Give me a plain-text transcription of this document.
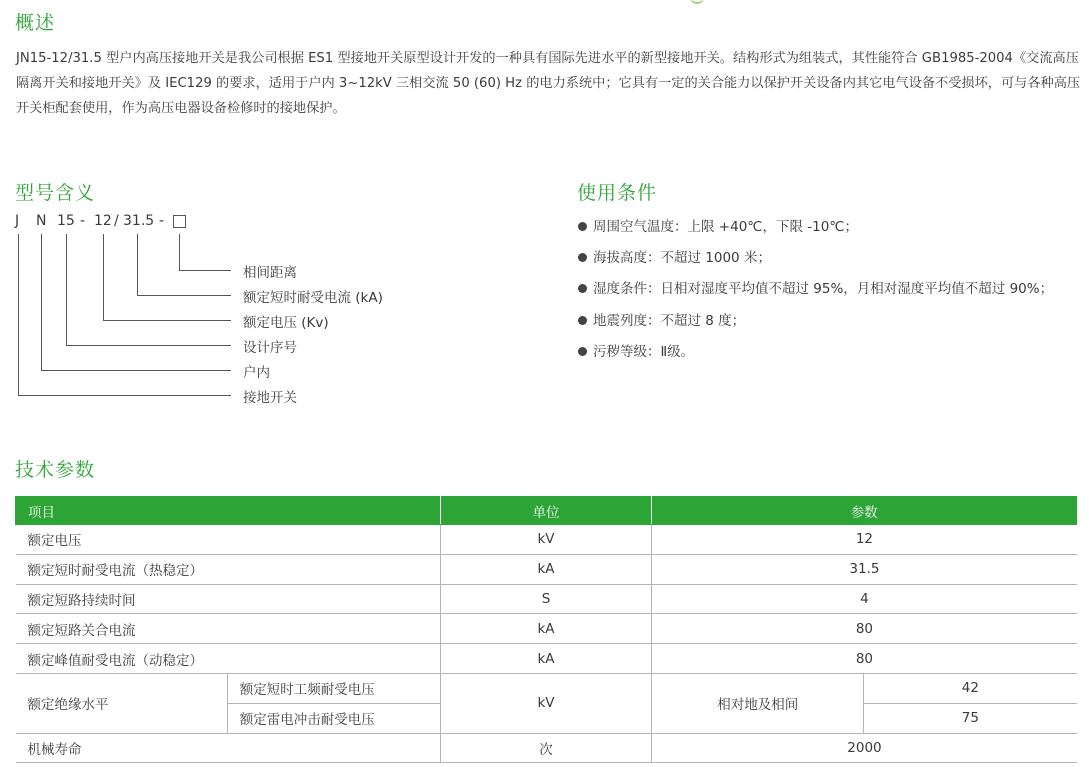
概述

JN15-12/31.5 型户内高压接地开关是我公司根据 ES1 型接地开关原型设计开发的一种具有国际先进水平的新型接地开关。结构形式为组装式，其性能符合 GB1985-2004《交流高压隔离开关和接地开关》及 IEC129 的要求，适用于户内 3~12kV 三相交流 50 (60) Hz 的电力系统中；它具有一定的关合能力以保护开关设备内其它电气设备不受损坏，可与各种高压开关柜配套使用，作为高压电器设备检修时的接地保护。

型号含义
J N 15 - 12 / 31.5 -
相间距离
额定短时耐受电流 (kA)
额定电压 (Kv)
设计序号
户内
接地开关
使用条件
周围空气温度：上限 +40℃，下限 -10℃；
海拔高度：不超过 1000 米；
湿度条件：日相对湿度平均值不超过 95%，月相对湿度平均值不超过 90%；
地震列度：不超过 8 度；
污秽等级：Ⅱ级。
技术参数
项目		单位	参数	
额定电压		kV	12	
额定短时耐受电流（热稳定）		kA	31.5	
额定短路持续时间		S	4	
额定短路关合电流		kA	80	
额定峰值耐受电流（动稳定）		kA	80	
额定绝缘水平	额定短时工频耐受电压	kV	相对地及相间	42
	额定雷电冲击耐受电压			75
机械寿命		次	2000	
